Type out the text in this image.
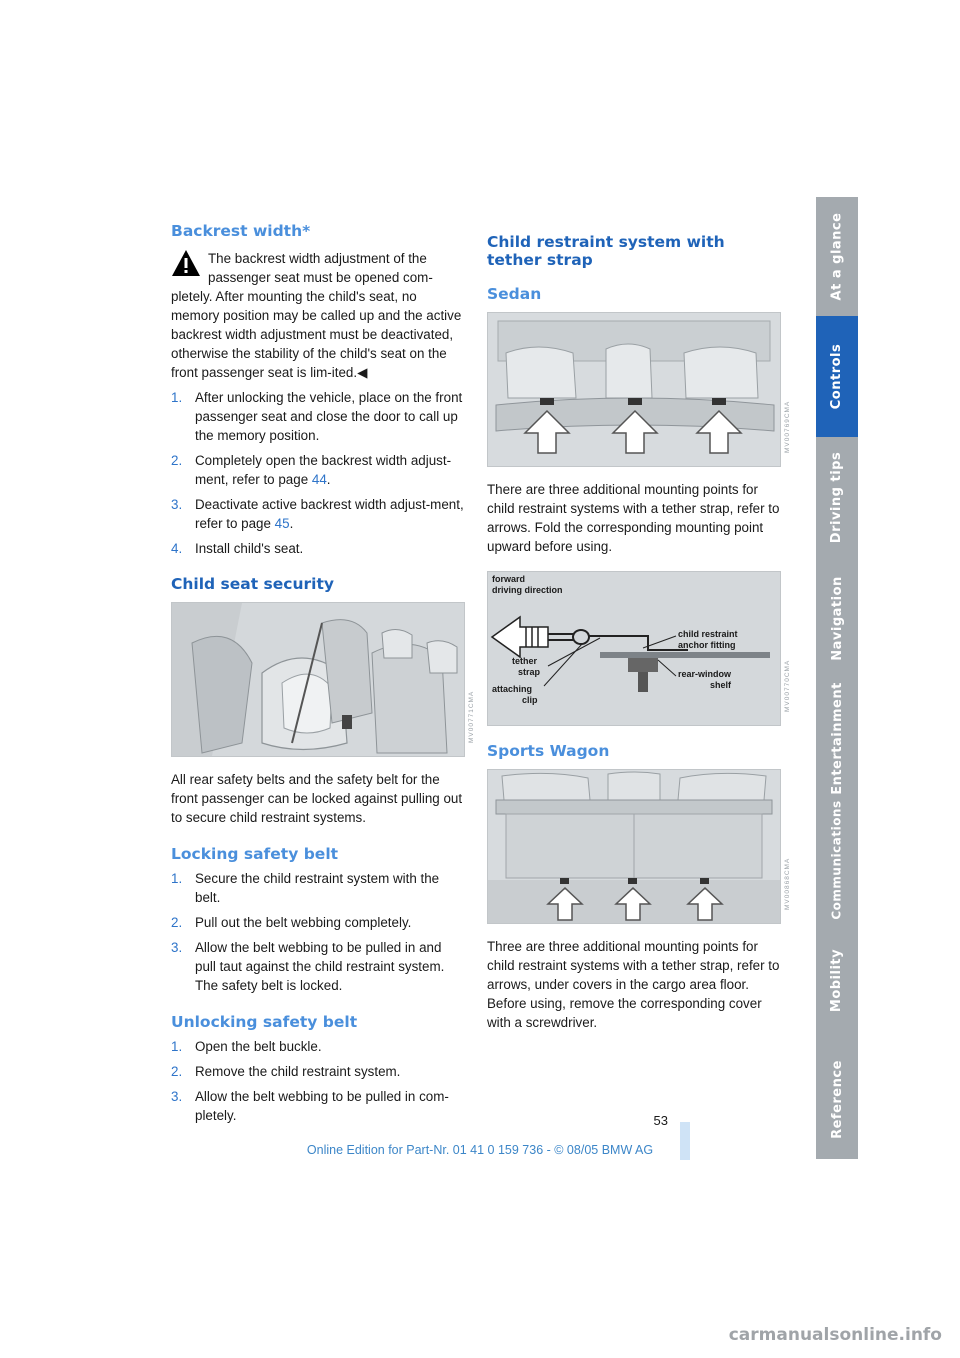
Backrest width*

The backrest width adjustment of the

passenger seat must be opened com-

pletely. After mounting the child's seat, no memory position may be called up and the active backrest width adjustment must be deactivated, otherwise the stability of the child's seat on the front passenger seat is lim-ited.◀

1. After unlocking the vehicle, place on the front passenger seat and close the door to call up the memory position.
2. Completely open the backrest width adjust-ment, refer to page 44.
3. Deactivate active backrest width adjust-ment, refer to page 45.
4. Install child's seat.
Child seat security
MV00771CMA

All rear safety belts and the safety belt for the front passenger can be locked against pulling out to secure child restraint systems.

Locking safety belt
1. Secure the child restraint system with the belt.
2. Pull out the belt webbing completely.
3. Allow the belt webbing to be pulled in and pull taut against the child restraint system. The safety belt is locked.
Unlocking safety belt
1. Open the belt buckle.
2. Remove the child restraint system.
3. Allow the belt webbing to be pulled in com-pletely.
Child restraint system with tether strap
Sedan
MV00769CMA

There are three additional mounting points for child restraint systems with a tether strap, refer to arrows. Fold the corresponding mounting point upward before using.

forward
driving direction
child restraint
anchor fitting
tether
strap	rear-window
shelf
attaching
clip	MV00770CMA
Sports Wagon
MV00868CMA

Three are three additional mounting points for child restraint systems with a tether strap, refer to arrows, under covers in the cargo area floor. Before using, remove the corresponding cover with a screwdriver.

At a glance
Controls
Driving tips
Navigation
Entertainment
Communications
Mobility
Reference
53
Online Edition for Part-Nr. 01 41 0 159 736 - © 08/05 BMW AG
carmanualsonline.info
